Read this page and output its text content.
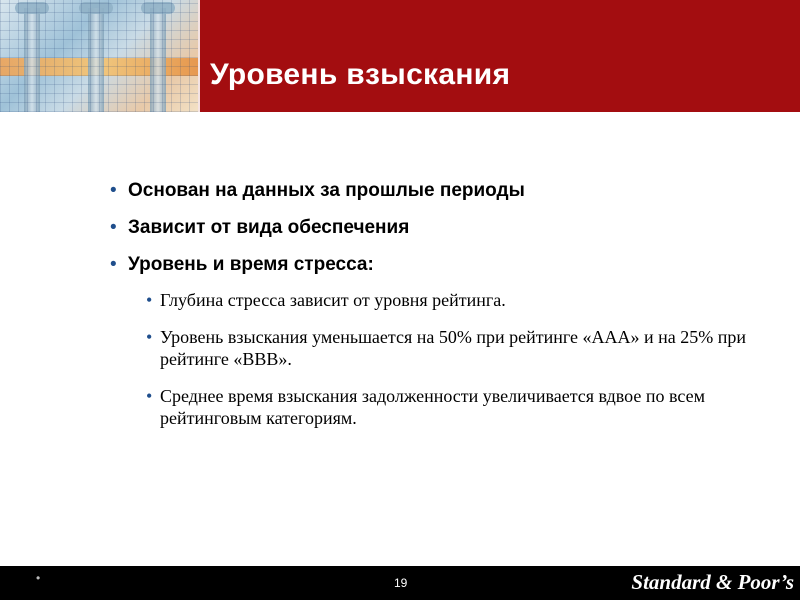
Уровень взыскания
• Основан на данных за прошлые периоды
• Зависит от вида обеспечения
• Уровень и время стресса:
• Глубина стресса зависит от уровня рейтинга.
• Уровень взыскания уменьшается на 50% при рейтинге «AAA» и на 25% при рейтинге «BBB».
• Среднее время взыскания задолженности увеличивается вдвое по всем рейтинговым категориям.
•	19	Standard & Poor’s
